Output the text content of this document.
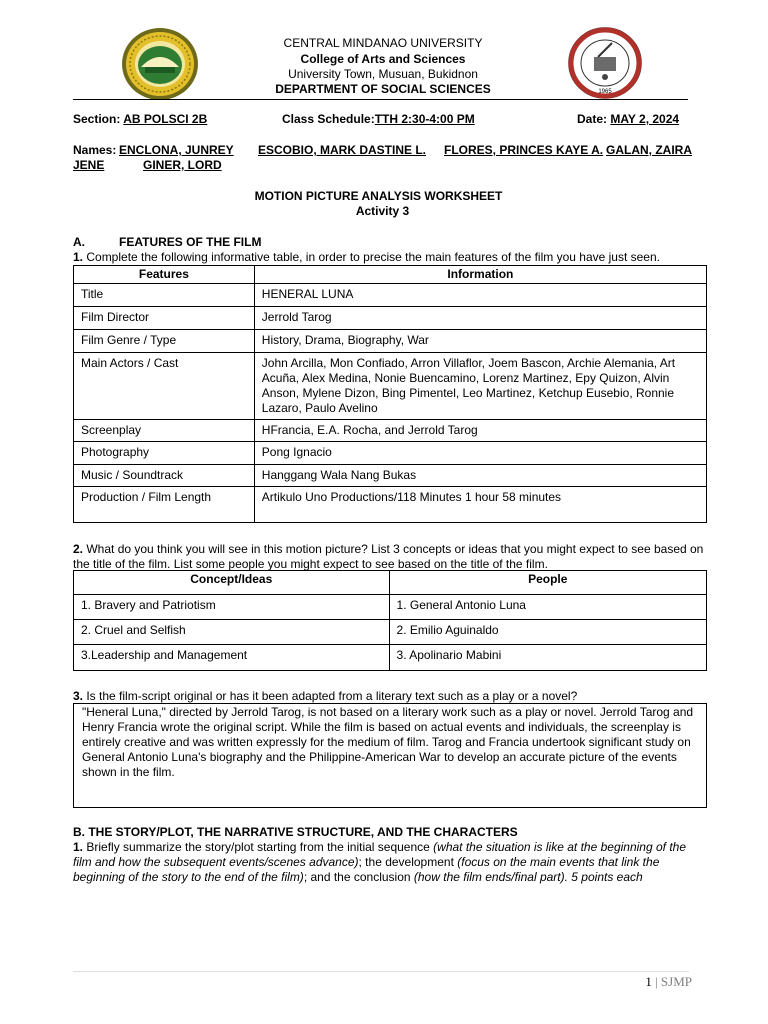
1965
CENTRAL MINDANAO UNIVERSITY
College of Arts and Sciences
University Town, Musuan, Bukidnon
DEPARTMENT OF SOCIAL SCIENCES
Section: AB POLSCI 2B	Class Schedule:TTH 2:30-4:00 PM	Date: MAY 2, 2024
Names: ENCLONA, JUNREY ESCOBIO, MARK DASTINE L. FLORES, PRINCES KAYE A. GALAN, ZAIRA
JENE	GINER, LORD
MOTION PICTURE ANALYSIS WORKSHEET
Activity 3
A.	FEATURES OF THE FILM
1. Complete the following informative table, in order to precise the main features of the film you have just seen.
Features	Information
Title	HENERAL LUNA
Film Director	Jerrold Tarog
Film Genre / Type	History, Drama, Biography, War
Main Actors / Cast	John Arcilla, Mon Confiado, Arron Villaflor, Joem Bascon, Archie Alemania, Art Acuña, Alex Medina, Nonie Buencamino, Lorenz Martinez, Epy Quizon, Alvin Anson, Mylene Dizon, Bing Pimentel, Leo Martinez, Ketchup Eusebio, Ronnie Lazaro, Paulo Avelino
Screenplay	HFrancia, E.A. Rocha, and Jerrold Tarog
Photography	Pong Ignacio
Music / Soundtrack	Hanggang Wala Nang Bukas
Production / Film Length	Artikulo Uno Productions/118 Minutes 1 hour 58 minutes
2. What do you think you will see in this motion picture? List 3 concepts or ideas that you might expect to see based on the title of the film. List some people you might expect to see based on the title of the film.
Concept/Ideas	People
1. Bravery and Patriotism	1. General Antonio Luna
2. Cruel and Selfish	2. Emilio Aguinaldo
3.Leadership and Management	3. Apolinario Mabini
3. Is the film-script original or has it been adapted from a literary text such as a play or a novel?
"Heneral Luna," directed by Jerrold Tarog, is not based on a literary work such as a play or novel. Jerrold Tarog and Henry Francia wrote the original script. While the film is based on actual events and individuals, the screenplay is entirely creative and was written expressly for the medium of film. Tarog and Francia undertook significant study on General Antonio Luna's biography and the Philippine-American War to develop an accurate picture of the events shown in the film.
B. THE STORY/PLOT, THE NARRATIVE STRUCTURE, AND THE CHARACTERS
1. Briefly summarize the story/plot starting from the initial sequence (what the situation is like at the beginning of the film and how the subsequent events/scenes advance); the development (focus on the main events that link the beginning of the story to the end of the film); and the conclusion (how the film ends/final part). 5 points each
1 | SJMP
